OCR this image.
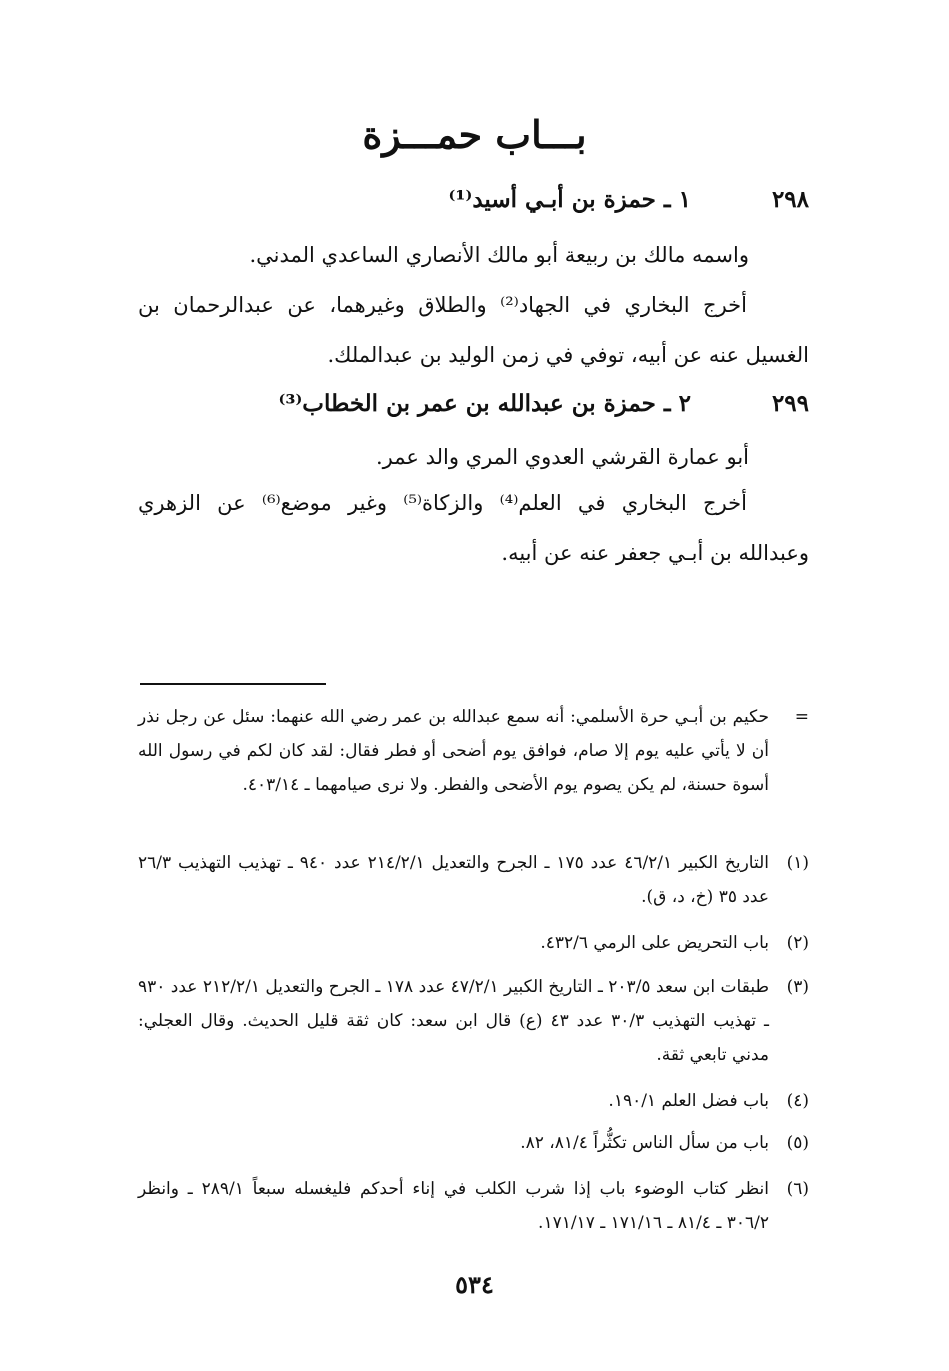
بـــاب حمـــزة
٢٩٨
١ ـ حمزة بن أبـي أسيد⁽¹⁾
واسمه مالك بن ربيعة أبو مالك الأنصاري الساعدي المدني.
أخرج البخاري في الجهاد⁽²⁾ والطلاق وغيرهما، عن عبدالرحمان بن الغسيل عنه عن أبيه، توفي في زمن الوليد بن عبدالملك.
٢٩٩
٢ ـ حمزة بن عبدالله بن عمر بن الخطاب⁽³⁾
أبو عمارة القرشي العدوي المري والد عمر.
أخرج البخاري في العلم⁽⁴⁾ والزكاة⁽⁵⁾ وغير موضع⁽⁶⁾ عن الزهري وعبدالله بن أبـي جعفر عنه عن أبيه.
=
حكيم بن أبـي حرة الأسلمي: أنه سمع عبدالله بن عمر رضي الله عنهما: سئل عن رجل نذر أن لا يأتي عليه يوم إلا صام، فوافق يوم أضحى أو فطر فقال: لقد كان لكم في رسول الله أسوة حسنة، لم يكن يصوم يوم الأضحى والفطر. ولا نرى صيامهما ـ ٤٠٣/١٤.
(١)
التاريخ الكبير ٤٦/٢/١ عدد ١٧٥ ـ الجرح والتعديل ٢١٤/٢/١ عدد ٩٤٠ ـ تهذيب التهذيب ٢٦/٣ عدد ٣٥ (خ، د، ق).
(٢)
باب التحريض على الرمي ٤٣٢/٦.
(٣)
طبقات ابن سعد ٢٠٣/٥ ـ التاريخ الكبير ٤٧/٢/١ عدد ١٧٨ ـ الجرح والتعديل ٢١٢/٢/١ عدد ٩٣٠ ـ تهذيب التهذيب ٣٠/٣ عدد ٤٣ (ع) قال ابن سعد: كان ثقة قليل الحديث. وقال العجلي: مدني تابعي ثقة.
(٤)
باب فضل العلم ١٩٠/١.
(٥)
باب من سأل الناس تكثُّراً ٨١/٤، ٨٢.
(٦)
انظر كتاب الوضوء باب إذا شرب الكلب في إناء أحدكم فليغسله سبعاً ٢٨٩/١ ـ وانظر ٣٠٦/٢ ـ ٨١/٤ ـ ١٧١/١٦ ـ ١٧١/١٧.
٥٣٤
